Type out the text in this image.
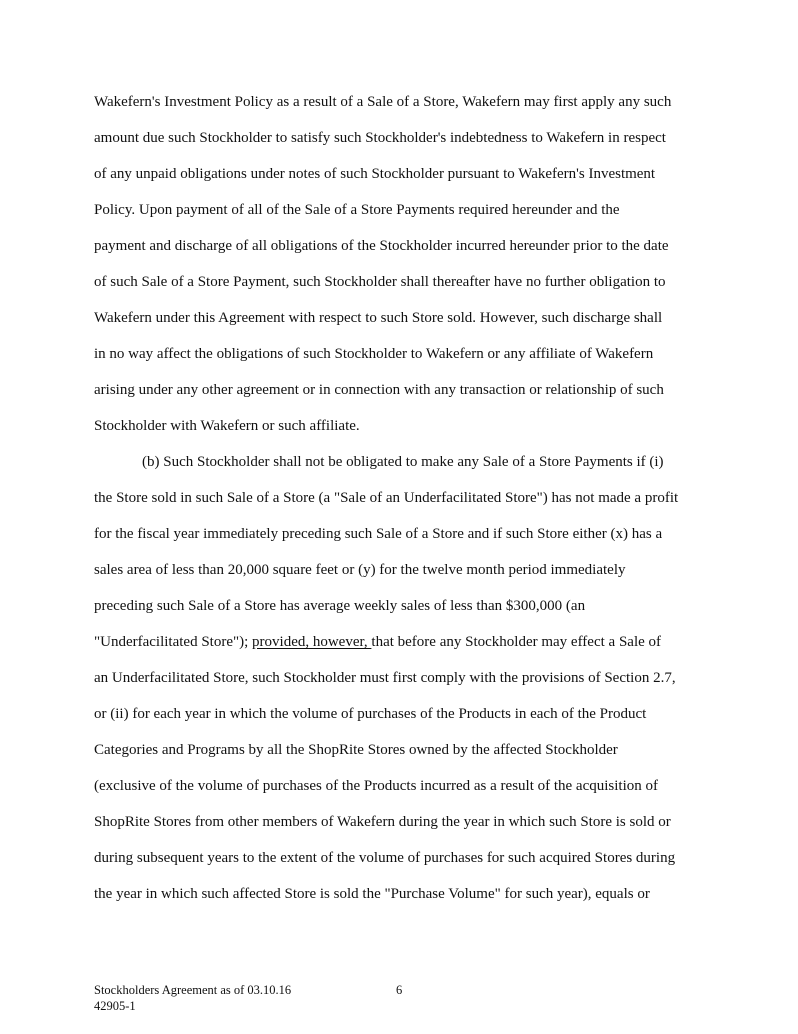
Wakefern's Investment Policy as a result of a Sale of a Store, Wakefern may first apply any such
amount due such Stockholder to satisfy such Stockholder's indebtedness to Wakefern in respect
of any unpaid obligations under notes of such Stockholder pursuant to Wakefern's Investment
Policy. Upon payment of all of the Sale of a Store Payments required hereunder and the
payment and discharge of all obligations of the Stockholder incurred hereunder prior to the date
of such Sale of a Store Payment, such Stockholder shall thereafter have no further obligation to
Wakefern under this Agreement with respect to such Store sold. However, such discharge shall
in no way affect the obligations of such Stockholder to Wakefern or any affiliate of Wakefern
arising under any other agreement or in connection with any transaction or relationship of such
Stockholder with Wakefern or such affiliate.
(b) Such Stockholder shall not be obligated to make any Sale of a Store Payments if (i)
the Store sold in such Sale of a Store (a "Sale of an Underfacilitated Store") has not made a profit
for the fiscal year immediately preceding such Sale of a Store and if such Store either (x) has a
sales area of less than 20,000 square feet or (y) for the twelve month period immediately
preceding such Sale of a Store has average weekly sales of less than $300,000 (an
"Underfacilitated Store"); provided, however, that before any Stockholder may effect a Sale of
an Underfacilitated Store, such Stockholder must first comply with the provisions of Section 2.7,
or (ii) for each year in which the volume of purchases of the Products in each of the Product
Categories and Programs by all the ShopRite Stores owned by the affected Stockholder
(exclusive of the volume of purchases of the Products incurred as a result of the acquisition of
ShopRite Stores from other members of Wakefern during the year in which such Store is sold or
during subsequent years to the extent of the volume of purchases for such acquired Stores during
the year in which such affected Store is sold the "Purchase Volume" for such year), equals or
Stockholders Agreement as of 03.10.16	6
42905-1
